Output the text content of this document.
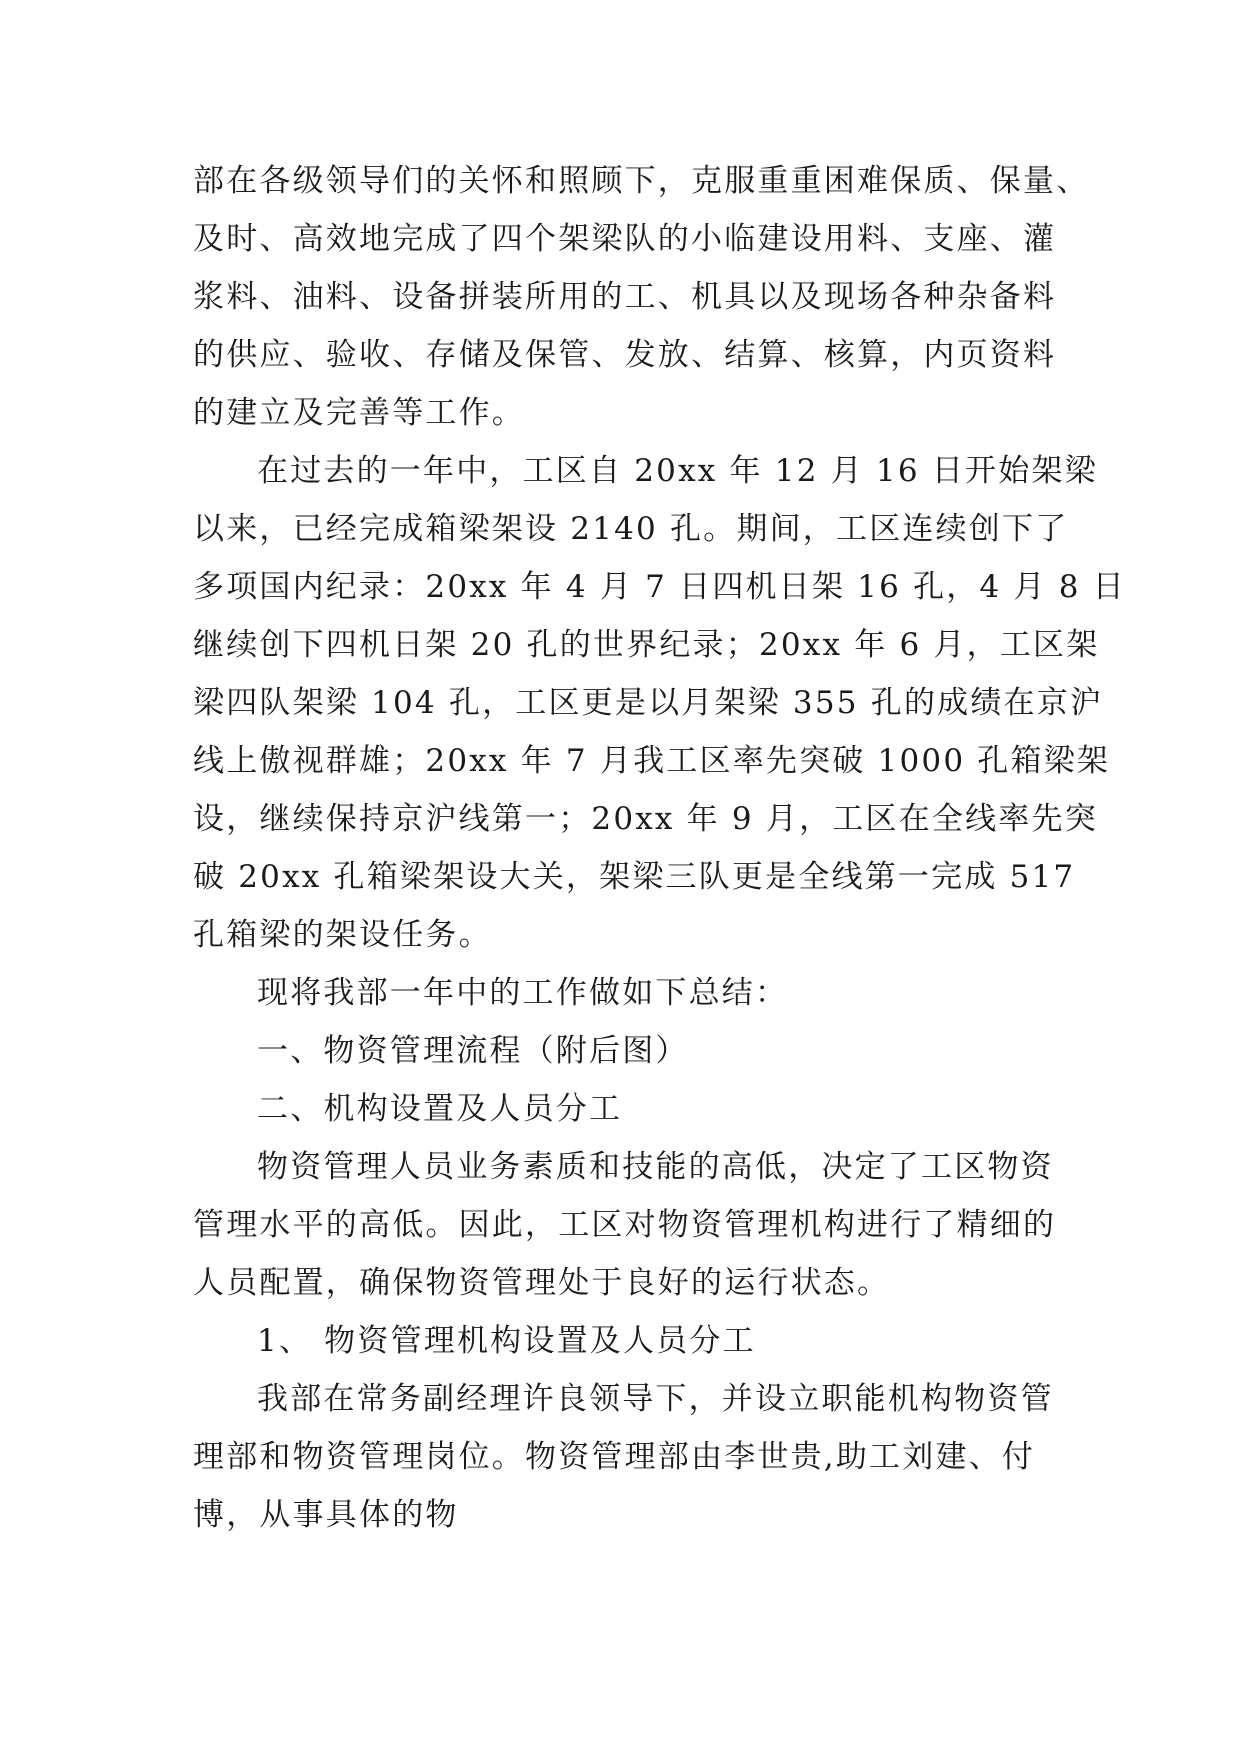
部在各级领导们的关怀和照顾下，克服重重困难保质、保量、
及时、高效地完成了四个架梁队的小临建设用料、支座、灌
浆料、油料、设备拼装所用的工、机具以及现场各种杂备料
的供应、验收、存储及保管、发放、结算、核算，内页资料
的建立及完善等工作。
在过去的一年中，工区自 20xx 年 12 月 16 日开始架梁
以来，已经完成箱梁架设 2140 孔。期间，工区连续创下了
多项国内纪录：20xx 年 4 月 7 日四机日架 16 孔，4 月 8 日
继续创下四机日架 20 孔的世界纪录；20xx 年 6 月，工区架
梁四队架梁 104 孔，工区更是以月架梁 355 孔的成绩在京沪
线上傲视群雄；20xx 年 7 月我工区率先突破 1000 孔箱梁架
设，继续保持京沪线第一；20xx 年 9 月，工区在全线率先突
破 20xx 孔箱梁架设大关，架梁三队更是全线第一完成 517
孔箱梁的架设任务。
现将我部一年中的工作做如下总结：
一、物资管理流程（附后图）
二、机构设置及人员分工
物资管理人员业务素质和技能的高低，决定了工区物资
管理水平的高低。因此，工区对物资管理机构进行了精细的
人员配置，确保物资管理处于良好的运行状态。
1、 物资管理机构设置及人员分工
我部在常务副经理许良领导下，并设立职能机构物资管
理部和物资管理岗位。物资管理部由李世贵,助工刘建、付
博，从事具体的物
